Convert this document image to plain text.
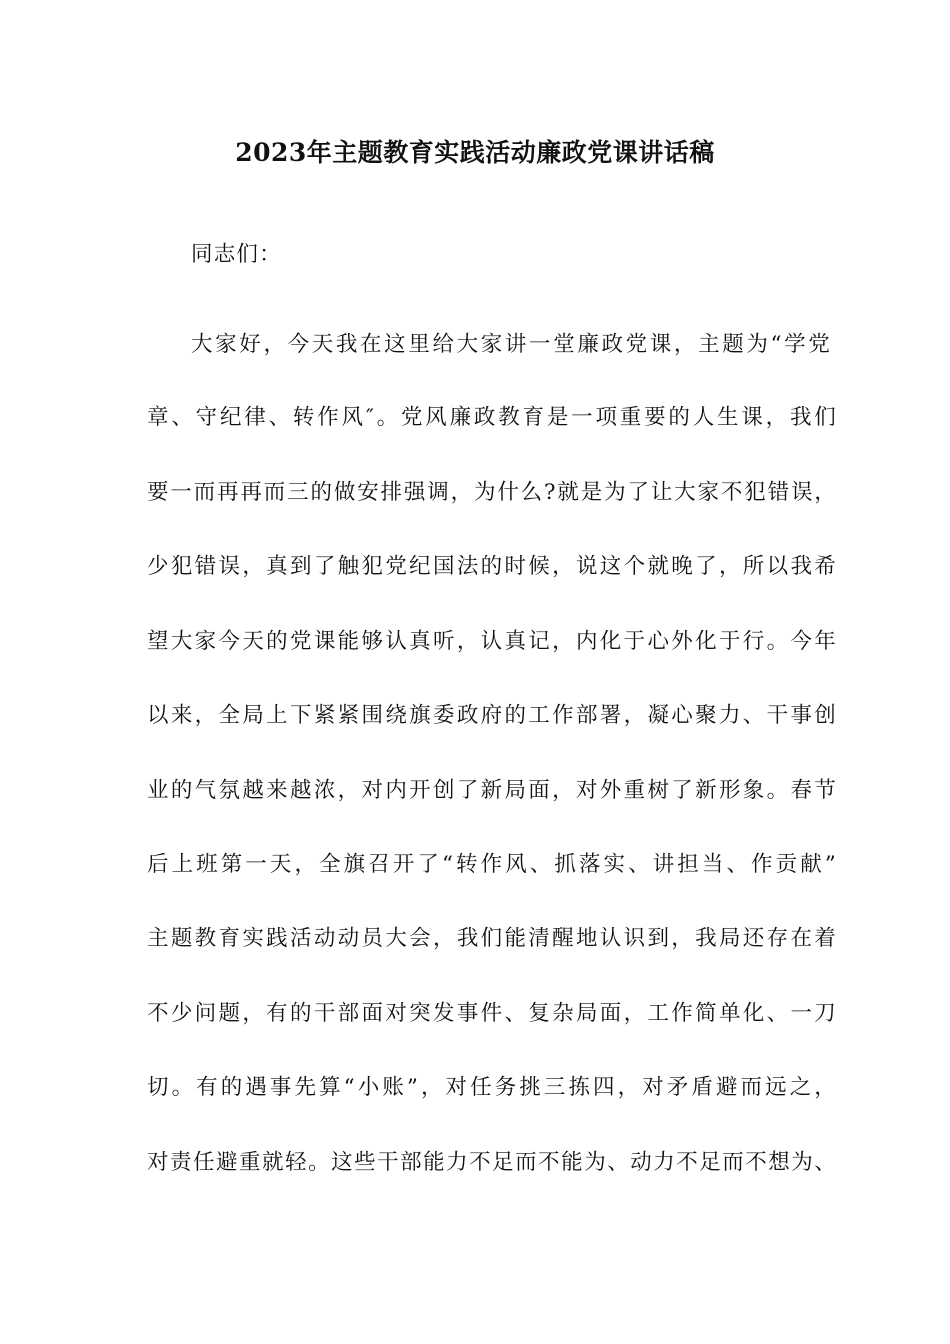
2023年主题教育实践活动廉政党课讲话稿
同志们：
大家好，今天我在这里给大家讲一堂廉政党课，主题为“学党
章、守纪律、转作风″。党风廉政教育是一项重要的人生课，我们
要一而再再而三的做安排强调，为什么?就是为了让大家不犯错误，
少犯错误，真到了触犯党纪国法的时候，说这个就晚了，所以我希
望大家今天的党课能够认真听，认真记，内化于心外化于行。今年
以来，全局上下紧紧围绕旗委政府的工作部署，凝心聚力、干事创
业的气氛越来越浓，对内开创了新局面，对外重树了新形象。春节
后上班第一天，全旗召开了“转作风、抓落实、讲担当、作贡献”
主题教育实践活动动员大会，我们能清醒地认识到，我局还存在着
不少问题，有的干部面对突发事件、复杂局面，工作简单化、一刀
切。有的遇事先算“小账”，对任务挑三拣四，对矛盾避而远之，
对责任避重就轻。这些干部能力不足而不能为、动力不足而不想为、
